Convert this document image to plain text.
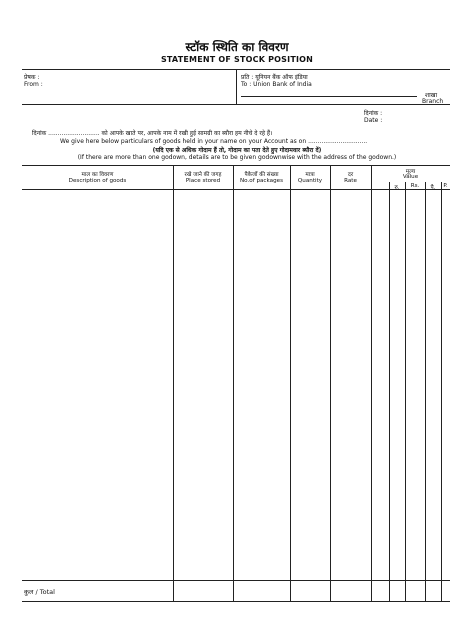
स्टॉक स्थिति का विवरण
STATEMENT OF STOCK POSITION
प्रेषक :
From :
प्रति : यूनियन बैंक ऑफ इंडिया
To : Union Bank of India
शाखा
Branch
दिनांक :
Date :
दिनांक ........................... को आपके खाते पर, आपके नाम में रखी हुई सामग्री का ब्यौरा हम नीचे दे रहे हैं।
We give here below particulars of goods held in your name on your Account as on ...............................
(यदि एक से अधिक गोदाम हैं तो, गोदाम का पता देते हुए गोदामवार ब्यौरा दें)
(If there are more than one godown, details are to be given godownwise with the address of the godown.)
माल का विवरण
Description of goods
रखे जाने की जगह
Place stored
पैकेजों की संख्या
No.of packages
मात्रा
Quantity
दर
Rate
मूल्य
Value
रु.	Rs.	पै.	P.
कुल / Total
